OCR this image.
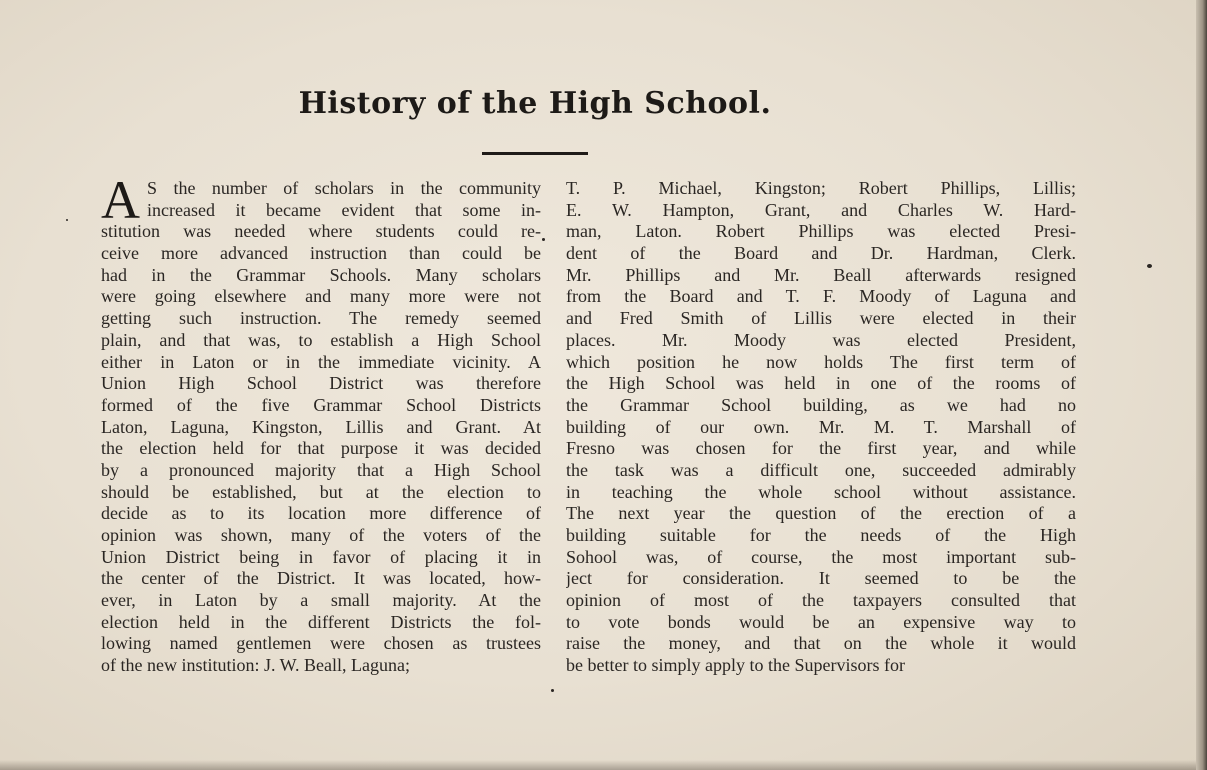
History of the High School.
A S the number of scholars in the community
increased it became evident that some in-
stitution was needed where students could re-
ceive more advanced instruction than could be
had in the Grammar Schools. Many scholars
were going elsewhere and many more were not
getting such instruction. The remedy seemed
plain, and that was, to establish a High School
either in Laton or in the immediate vicinity. A
Union High School District was therefore
formed of the five Grammar School Districts
Laton, Laguna, Kingston, Lillis and Grant. At
the election held for that purpose it was decided
by a pronounced majority that a High School
should be established, but at the election to
decide as to its location more difference of
opinion was shown, many of the voters of the
Union District being in favor of placing it in
the center of the District. It was located, how-
ever, in Laton by a small majority. At the
election held in the different Districts the fol-
lowing named gentlemen were chosen as trustees
of the new institution: J. W. Beall, Laguna;
T. P. Michael, Kingston; Robert Phillips, Lillis;
E. W. Hampton, Grant, and Charles W. Hard-
man, Laton. Robert Phillips was elected Presi-
dent of the Board and Dr. Hardman, Clerk.
Mr. Phillips and Mr. Beall afterwards resigned
from the Board and T. F. Moody of Laguna and
and Fred Smith of Lillis were elected in their
places. Mr. Moody was elected President,
which position he now holds The first term of
the High School was held in one of the rooms of
the Grammar School building, as we had no
building of our own. Mr. M. T. Marshall of
Fresno was chosen for the first year, and while
the task was a difficult one, succeeded admirably
in teaching the whole school without assistance.
The next year the question of the erection of a
building suitable for the needs of the High
Sohool was, of course, the most important sub-
ject for consideration. It seemed to be the
opinion of most of the taxpayers consulted that
to vote bonds would be an expensive way to
raise the money, and that on the whole it would
be better to simply apply to the Supervisors for
